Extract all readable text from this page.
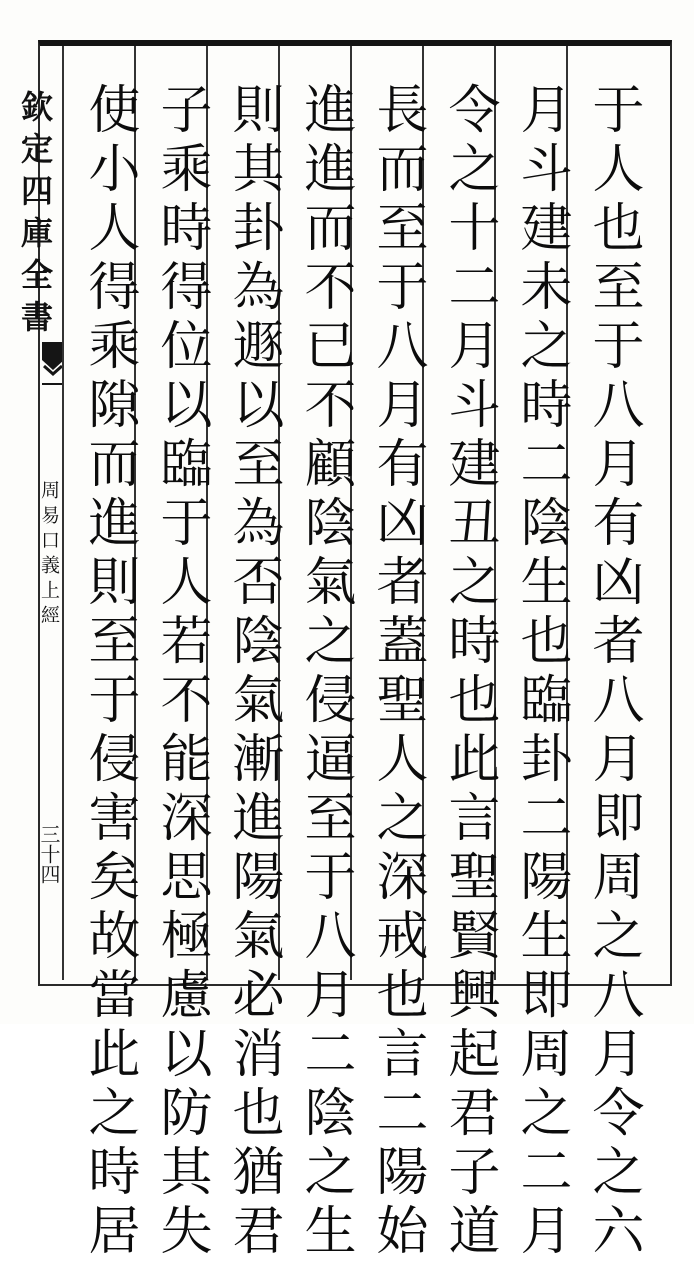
欽定四庫全書
周易口義上經
三十四	于人也至于八月有凶者八月即周之八月令之六
月斗建未之時二陰生也臨卦二陽生即周之二月
令之十二月斗建丑之時也此言聖賢興起君子道
長而至于八月有凶者蓋聖人之深戒也言二陽始
進進而不已不顧陰氣之侵逼至于八月二陰之生
則其卦為遯以至為否陰氣漸進陽氣必消也猶君
子乘時得位以臨于人若不能深思極慮以防其失
使小人得乘隙而進則至于侵害矣故當此之時居
